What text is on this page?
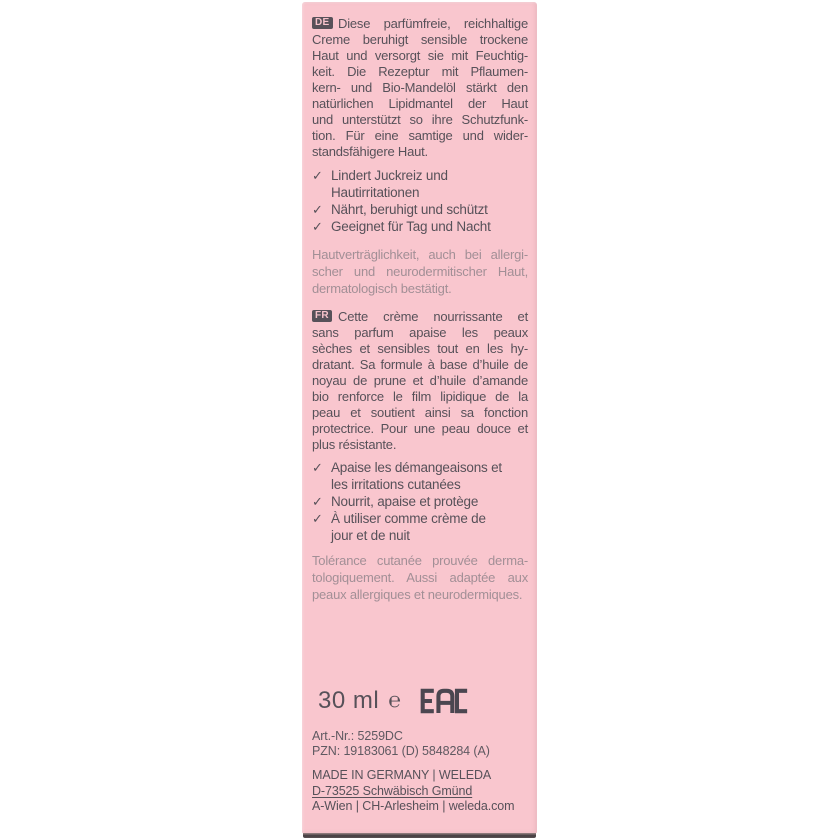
DE Diese parfümfreie, reichhaltige
Creme beruhigt sensible trockene
Haut und versorgt sie mit Feuchtig-
keit. Die Rezeptur mit Pflaumen-
kern- und Bio-Mandelöl stärkt den
natürlichen Lipidmantel der Haut
und unterstützt so ihre Schutzfunk-
tion. Für eine samtige und wider-
standsfähigere Haut.
✓ Lindert Juckreiz und
Hautirritationen
✓ Nährt, beruhigt und schützt
✓ Geeignet für Tag und Nacht
Hautverträglichkeit, auch bei allergi-
scher und neurodermitischer Haut,
dermatologisch bestätigt.
FR Cette crème nourrissante et
sans parfum apaise les peaux
sèches et sensibles tout en les hy-
dratant. Sa formule à base d’huile de
noyau de prune et d’huile d’amande
bio renforce le film lipidique de la
peau et soutient ainsi sa fonction
protectrice. Pour une peau douce et
plus résistante.
✓ Apaise les démangeaisons et
les irritations cutanées
✓ Nourrit, apaise et protège
✓ À utiliser comme crème de
jour et de nuit
Tolérance cutanée prouvée derma-
tologiquement. Aussi adaptée aux
peaux allergiques et neurodermiques.
30 ml ℮
Art.-Nr.: 5259DC
PZN: 19183061 (D) 5848284 (A)
MADE IN GERMANY | WELEDA
D-73525 Schwäbisch Gmünd
A-Wien | CH-Arlesheim | weleda.com
